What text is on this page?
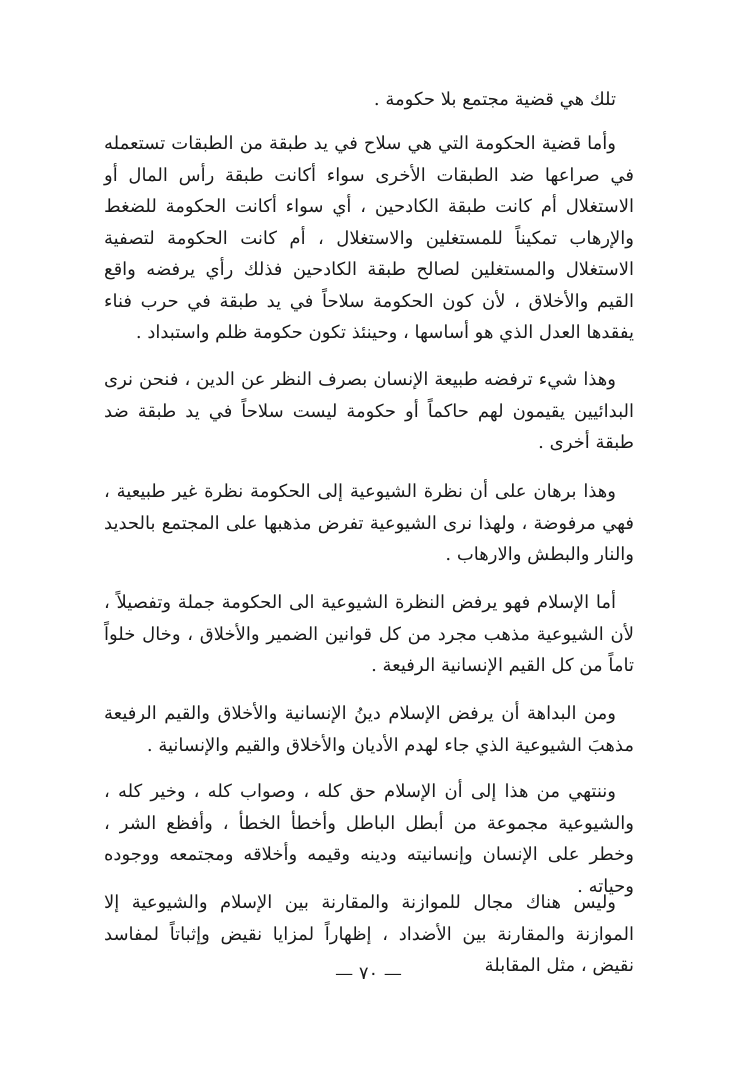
تلك هي قضية مجتمع بلا حكومة .

وأما قضية الحكومة التي هي سلاح في يد طبقة من الطبقات تستعمله في صراعها ضد الطبقات الأخرى سواء أكانت طبقة رأس المال أو الاستغلال أم كانت طبقة الكادحين ، أي سواء أكانت الحكومة للضغط والإرهاب تمكيناً للمستغلين والاستغلال ، أم كانت الحكومة لتصفية الاستغلال والمستغلين لصالح طبقة الكادحين فذلك رأي يرفضه واقع القيم والأخلاق ، لأن كون الحكومة سلاحاً في يد طبقة في حرب فناء يفقدها العدل الذي هو أساسها ، وحينئذ تكون حكومة ظلم واستبداد .

وهذا شيء ترفضه طبيعة الإنسان بصرف النظر عن الدين ، فنحن نرى البدائيين يقيمون لهم حاكماً أو حكومة ليست سلاحاً في يد طبقة ضد طبقة أخرى .

وهذا برهان على أن نظرة الشيوعية إلى الحكومة نظرة غير طبيعية ، فهي مرفوضة ، ولهذا نرى الشيوعية تفرض مذهبها على المجتمع بالحديد والنار والبطش والارهاب .

أما الإسلام فهو يرفض النظرة الشيوعية الى الحكومة جملة وتفصيلاً ، لأن الشيوعية مذهب مجرد من كل قوانين الضمير والأخلاق ، وخال خلواً تاماً من كل القيم الإنسانية الرفيعة .

ومن البداهة أن يرفض الإسلام دينُ الإنسانية والأخلاق والقيم الرفيعة مذهبَ الشيوعية الذي جاء لهدم الأديان والأخلاق والقيم والإنسانية .

وننتهي من هذا إلى أن الإسلام حق كله ، وصواب كله ، وخير كله ، والشيوعية مجموعة من أبطل الباطل وأخطأ الخطأ ، وأفظع الشر ، وخطر على الإنسان وإنسانيته ودينه وقيمه وأخلاقه ومجتمعه ووجوده وحياته .

وليس هناك مجال للموازنة والمقارنة بين الإسلام والشيوعية إلا الموازنة والمقارنة بين الأضداد ، إظهاراً لمزايا نقيض وإثباتاً لمفاسد نقيض ، مثل المقابلة

— ٧٠ —
